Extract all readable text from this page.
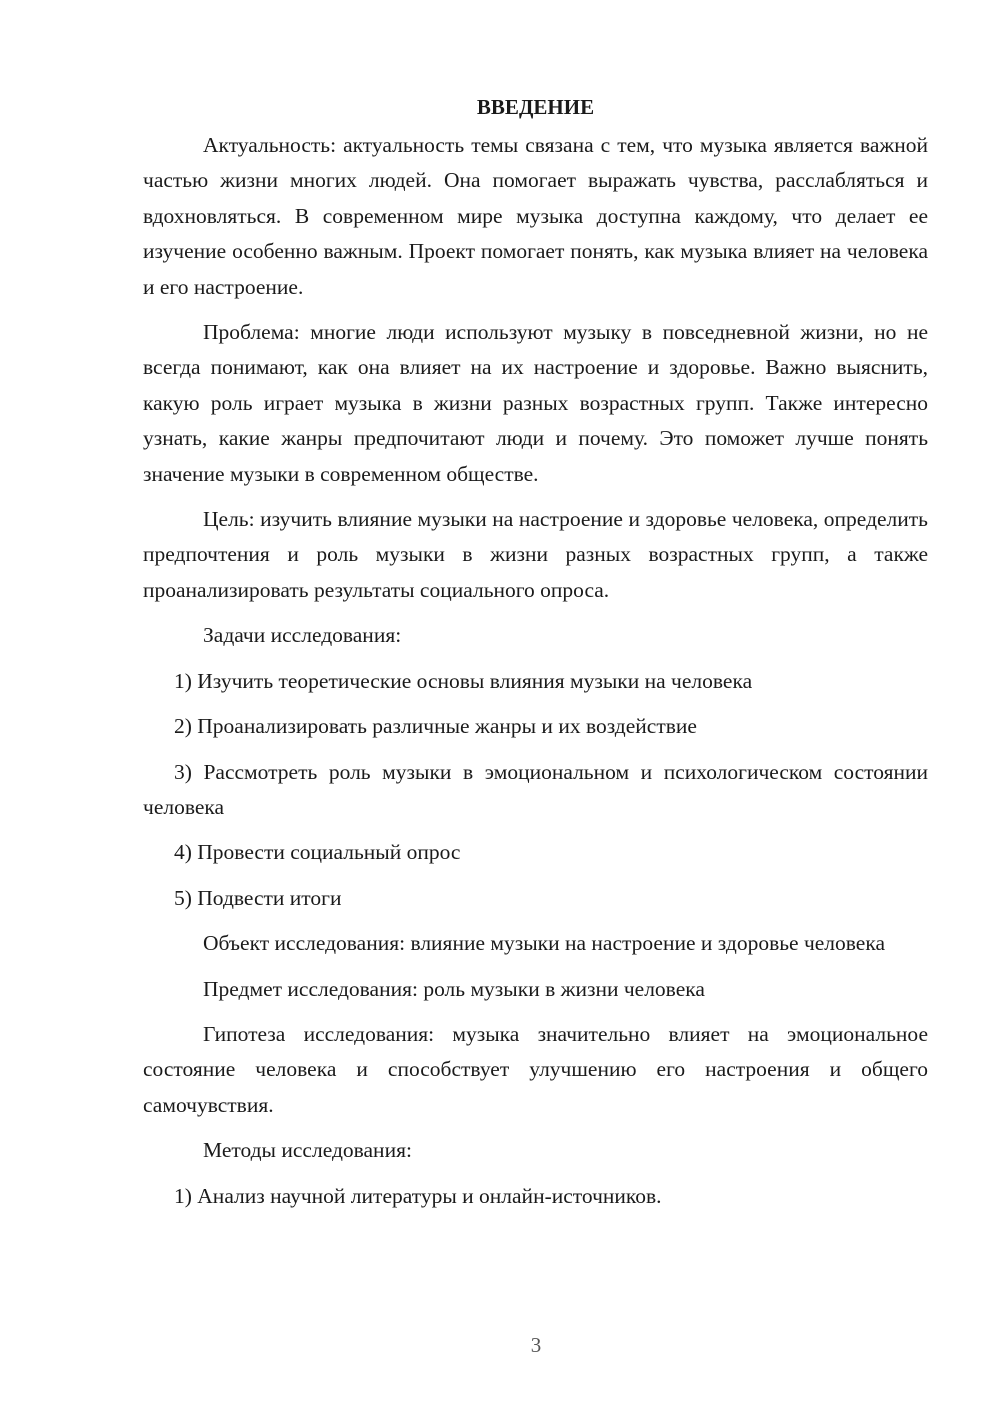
ВВЕДЕНИЕ

Актуальность: актуальность темы связана с тем, что музыка является важной частью жизни многих людей. Она помогает выражать чувства, расслабляться и вдохновляться. В современном мире музыка доступна каждому, что делает ее изучение особенно важным. Проект помогает понять, как музыка влияет на человека и его настроение.

Проблема: многие люди используют музыку в повседневной жизни, но не всегда понимают, как она влияет на их настроение и здоровье. Важно выяснить, какую роль играет музыка в жизни разных возрастных групп. Также интересно узнать, какие жанры предпочитают люди и почему. Это поможет лучше понять значение музыки в современном обществе.

Цель: изучить влияние музыки на настроение и здоровье человека, определить предпочтения и роль музыки в жизни разных возрастных групп, а также проанализировать результаты социального опроса.

Задачи исследования:

1) Изучить теоретические основы влияния музыки на человека

2) Проанализировать различные жанры и их воздействие

3) Рассмотреть роль музыки в эмоциональном и психологическом состоянии человека

4) Провести социальный опрос

5) Подвести итоги

Объект исследования: влияние музыки на настроение и здоровье человека

Предмет исследования: роль музыки в жизни человека

Гипотеза исследования: музыка значительно влияет на эмоциональное состояние человека и способствует улучшению его настроения и общего самочувствия.

Методы исследования:

1) Анализ научной литературы и онлайн-источников.

3
